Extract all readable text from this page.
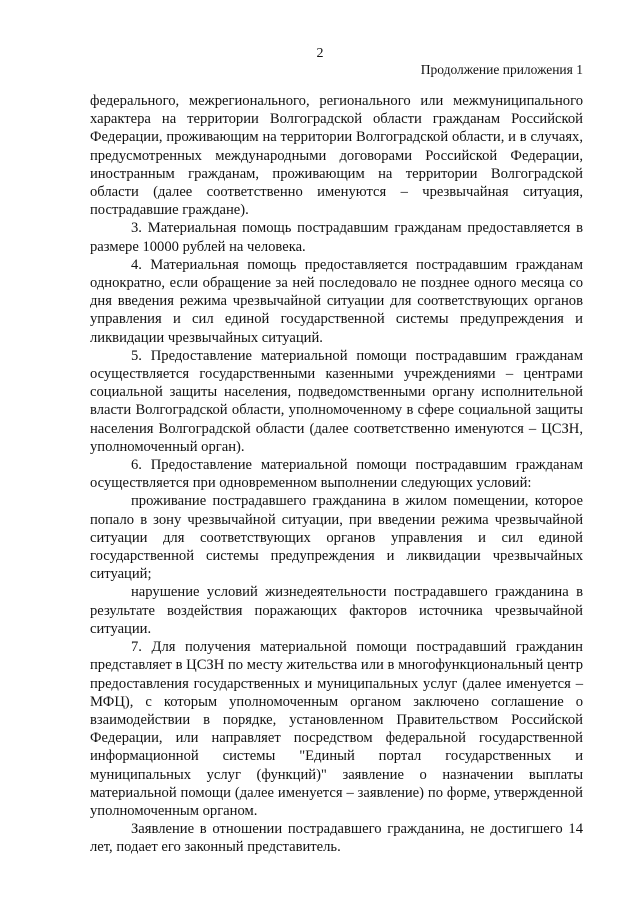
2
Продолжение приложения 1

федерального, межрегионального, регионального или межмуниципального характера на территории Волгоградской области гражданам Российской Федерации, проживающим на территории Волгоградской области, и в случаях, предусмотренных международными договорами Российской Федерации, иностранным гражданам, проживающим на территории Волгоградской области (далее соответственно именуются – чрезвычайная ситуация, пострадавшие граждане).

3. Материальная помощь пострадавшим гражданам предоставляется в размере 10000 рублей на человека.

4. Материальная помощь предоставляется пострадавшим гражданам однократно, если обращение за ней последовало не позднее одного месяца со дня введения режима чрезвычайной ситуации для соответствующих органов управления и сил единой государственной системы предупреждения и ликвидации чрезвычайных ситуаций.

5. Предоставление материальной помощи пострадавшим гражданам осуществляется государственными казенными учреждениями – центрами социальной защиты населения, подведомственными органу исполнительной власти Волгоградской области, уполномоченному в сфере социальной защиты населения Волгоградской области (далее соответственно именуются – ЦСЗН, уполномоченный орган).

6. Предоставление материальной помощи пострадавшим гражданам осуществляется при одновременном выполнении следующих условий:

проживание пострадавшего гражданина в жилом помещении, которое попало в зону чрезвычайной ситуации, при введении режима чрезвычайной ситуации для соответствующих органов управления и сил единой государственной системы предупреждения и ликвидации чрезвычайных ситуаций;

нарушение условий жизнедеятельности пострадавшего гражданина в результате воздействия поражающих факторов источника чрезвычайной ситуации.

7. Для получения материальной помощи пострадавший гражданин представляет в ЦСЗН по месту жительства или в многофункциональный центр предоставления государственных и муниципальных услуг (далее именуется – МФЦ), с которым уполномоченным органом заключено соглашение о взаимодействии в порядке, установленном Правительством Российской Федерации, или направляет посредством федеральной государственной информационной системы "Единый портал государственных и муниципальных услуг (функций)" заявление о назначении выплаты материальной помощи (далее именуется – заявление) по форме, утвержденной уполномоченным органом.

Заявление в отношении пострадавшего гражданина, не достигшего 14 лет, подает его законный представитель.
